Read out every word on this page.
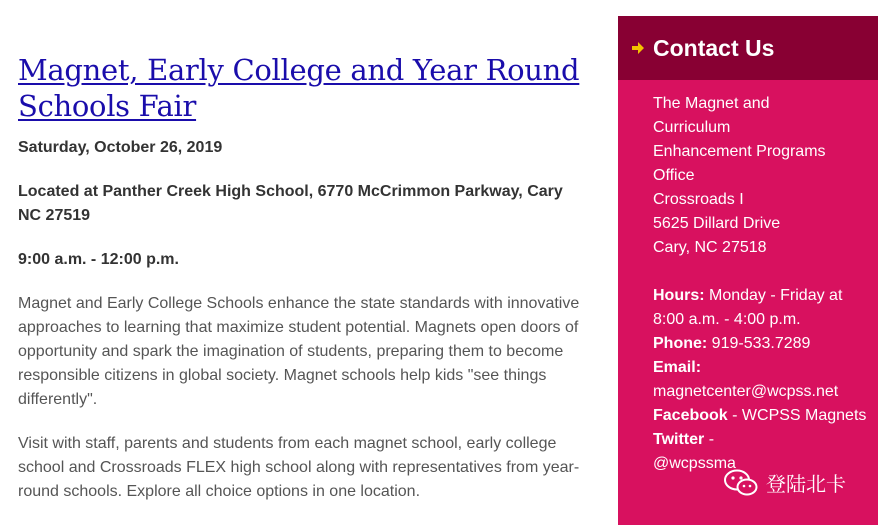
Magnet, Early College and Year Round Schools Fair
Saturday, October 26, 2019
Located at Panther Creek High School, 6770 McCrimmon Parkway, Cary NC 27519
9:00 a.m. - 12:00 p.m.

Magnet and Early College Schools enhance the state standards with innovative approaches to learning that maximize student potential. Magnets open doors of opportunity and spark the imagination of students, preparing them to become responsible citizens in global society. Magnet schools help kids "see things differently".

Visit with staff, parents and students from each magnet school, early college school and Crossroads FLEX high school along with representatives from year-round schools. Explore all choice options in one location.

Contact Us
The Magnet and
Curriculum
Enhancement Programs
Office
Crossroads I
5625 Dillard Drive
Cary, NC 27518
Hours: Monday - Friday at 8:00 a.m. - 4:00 p.m.
Phone: 919-533.7289
Email:
magnetcenter@wcpss.net
Facebook - WCPSS Magnets
Twitter -
@wcpssma
登陆北卡
